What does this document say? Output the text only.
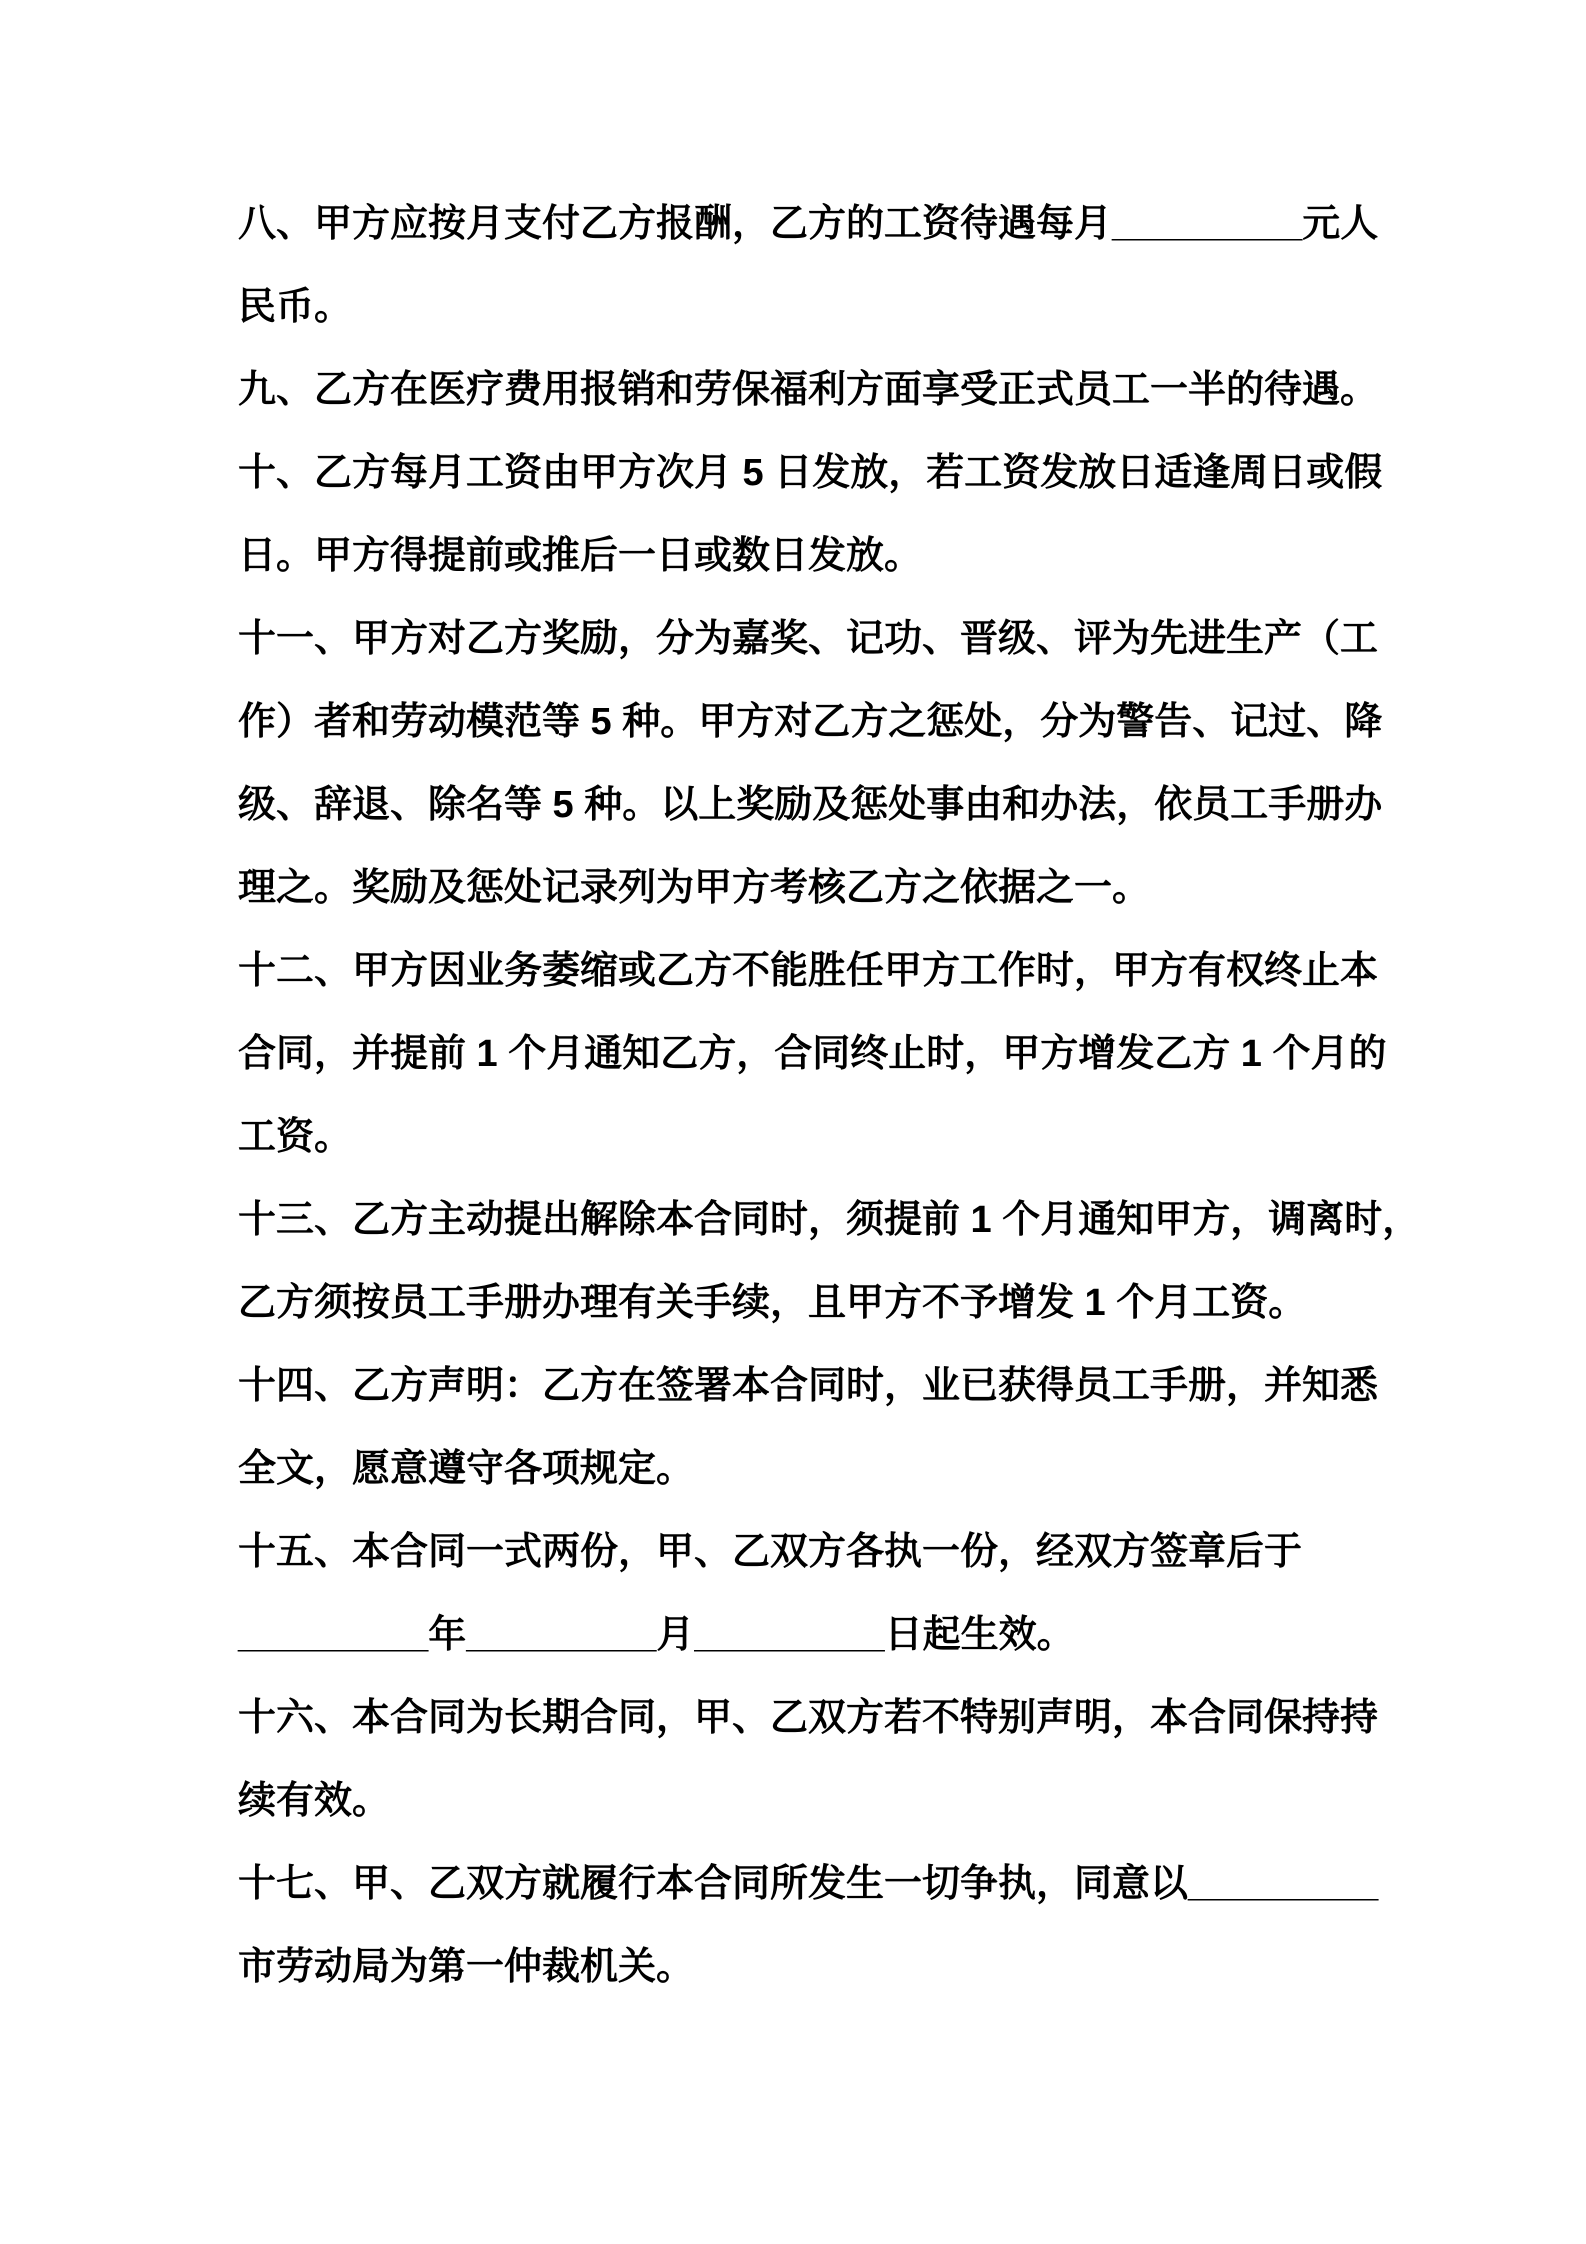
八、甲方应按月支付乙方报酬，乙方的工资待遇每月_________元人
民币。
九、乙方在医疗费用报销和劳保福利方面享受正式员工一半的待遇。
十、乙方每月工资由甲方次月 5 日发放，若工资发放日适逢周日或假
日。甲方得提前或推后一日或数日发放。
十一、甲方对乙方奖励，分为嘉奖、记功、晋级、评为先进生产（工
作）者和劳动模范等 5 种。甲方对乙方之惩处，分为警告、记过、降
级、辞退、除名等 5 种。以上奖励及惩处事由和办法，依员工手册办
理之。奖励及惩处记录列为甲方考核乙方之依据之一。
十二、甲方因业务萎缩或乙方不能胜任甲方工作时，甲方有权终止本
合同，并提前 1 个月通知乙方，合同终止时，甲方增发乙方 1 个月的
工资。
十三、乙方主动提出解除本合同时，须提前 1 个月通知甲方，调离时，
乙方须按员工手册办理有关手续，且甲方不予增发 1 个月工资。
十四、乙方声明：乙方在签署本合同时，业已获得员工手册，并知悉
全文，愿意遵守各项规定。
十五、本合同一式两份，甲、乙双方各执一份，经双方签章后于
_________年_________月_________日起生效。
十六、本合同为长期合同，甲、乙双方若不特别声明，本合同保持持
续有效。
十七、甲、乙双方就履行本合同所发生一切争执，同意以_________
市劳动局为第一仲裁机关。
